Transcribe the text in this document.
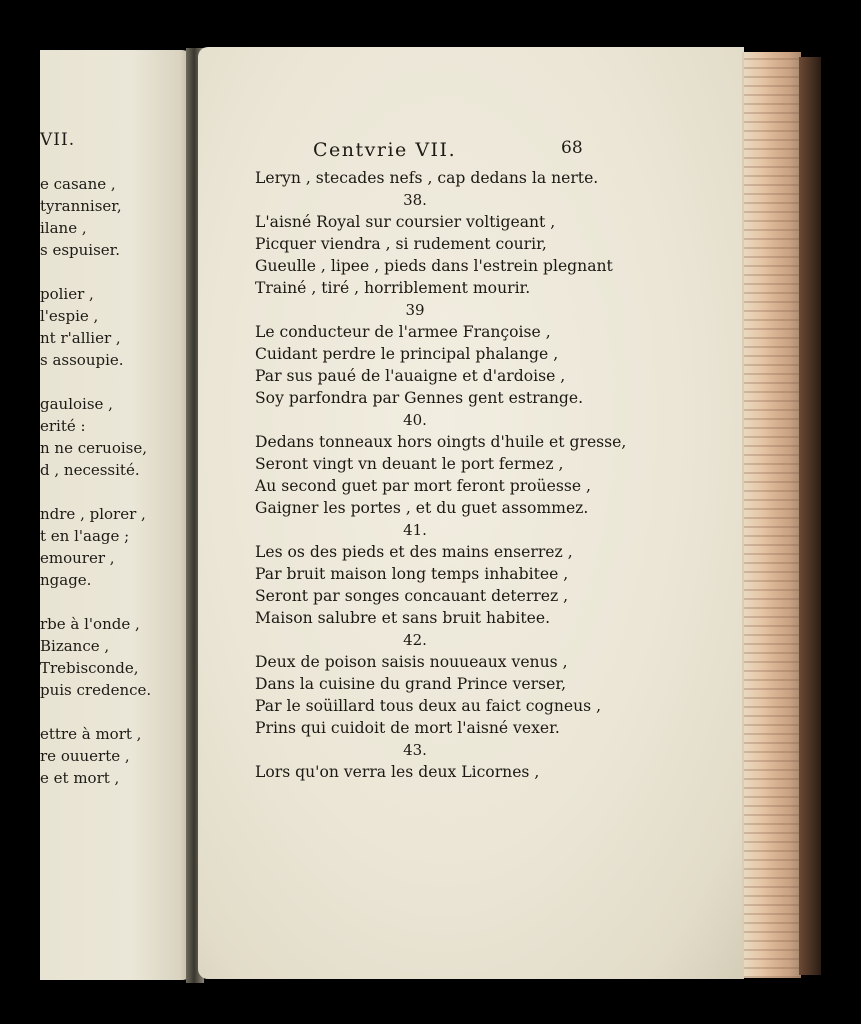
VII.
e casane ,
tyranniser,
ilane ,
s espuiser.
polier ,
l'espie ,
nt r'allier ,
s assoupie.
gauloise ,
erité :
n ne ceruoise,
d , necessité.
ndre , plorer ,
t en l'aage ;
emourer ,
ngage.
rbe à l'onde ,
Bizance ,
Trebisconde,
puis credence.
ettre à mort ,
re ouuerte ,
e et mort ,
Centvrie VII.	68
Leryn , stecades nefs , cap dedans la nerte.
38.
L'aisné Royal sur coursier voltigeant ,
Picquer viendra , si rudement courir,
Gueulle , lipee , pieds dans l'estrein plegnant
Trainé , tiré , horriblement mourir.
39
Le conducteur de l'armee Françoise ,
Cuidant perdre le principal phalange ,
Par sus paué de l'auaigne et d'ardoise ,
Soy parfondra par Gennes gent estrange.
40.
Dedans tonneaux hors oingts d'huile et gresse,
Seront vingt vn deuant le port fermez ,
Au second guet par mort feront proüesse ,
Gaigner les portes , et du guet assommez.
41.
Les os des pieds et des mains enserrez ,
Par bruit maison long temps inhabitee ,
Seront par songes concauant deterrez ,
Maison salubre et sans bruit habitee.
42.
Deux de poison saisis nouueaux venus ,
Dans la cuisine du grand Prince verser,
Par le soüillard tous deux au faict cogneus ,
Prins qui cuidoit de mort l'aisné vexer.
43.
Lors qu'on verra les deux Licornes ,
